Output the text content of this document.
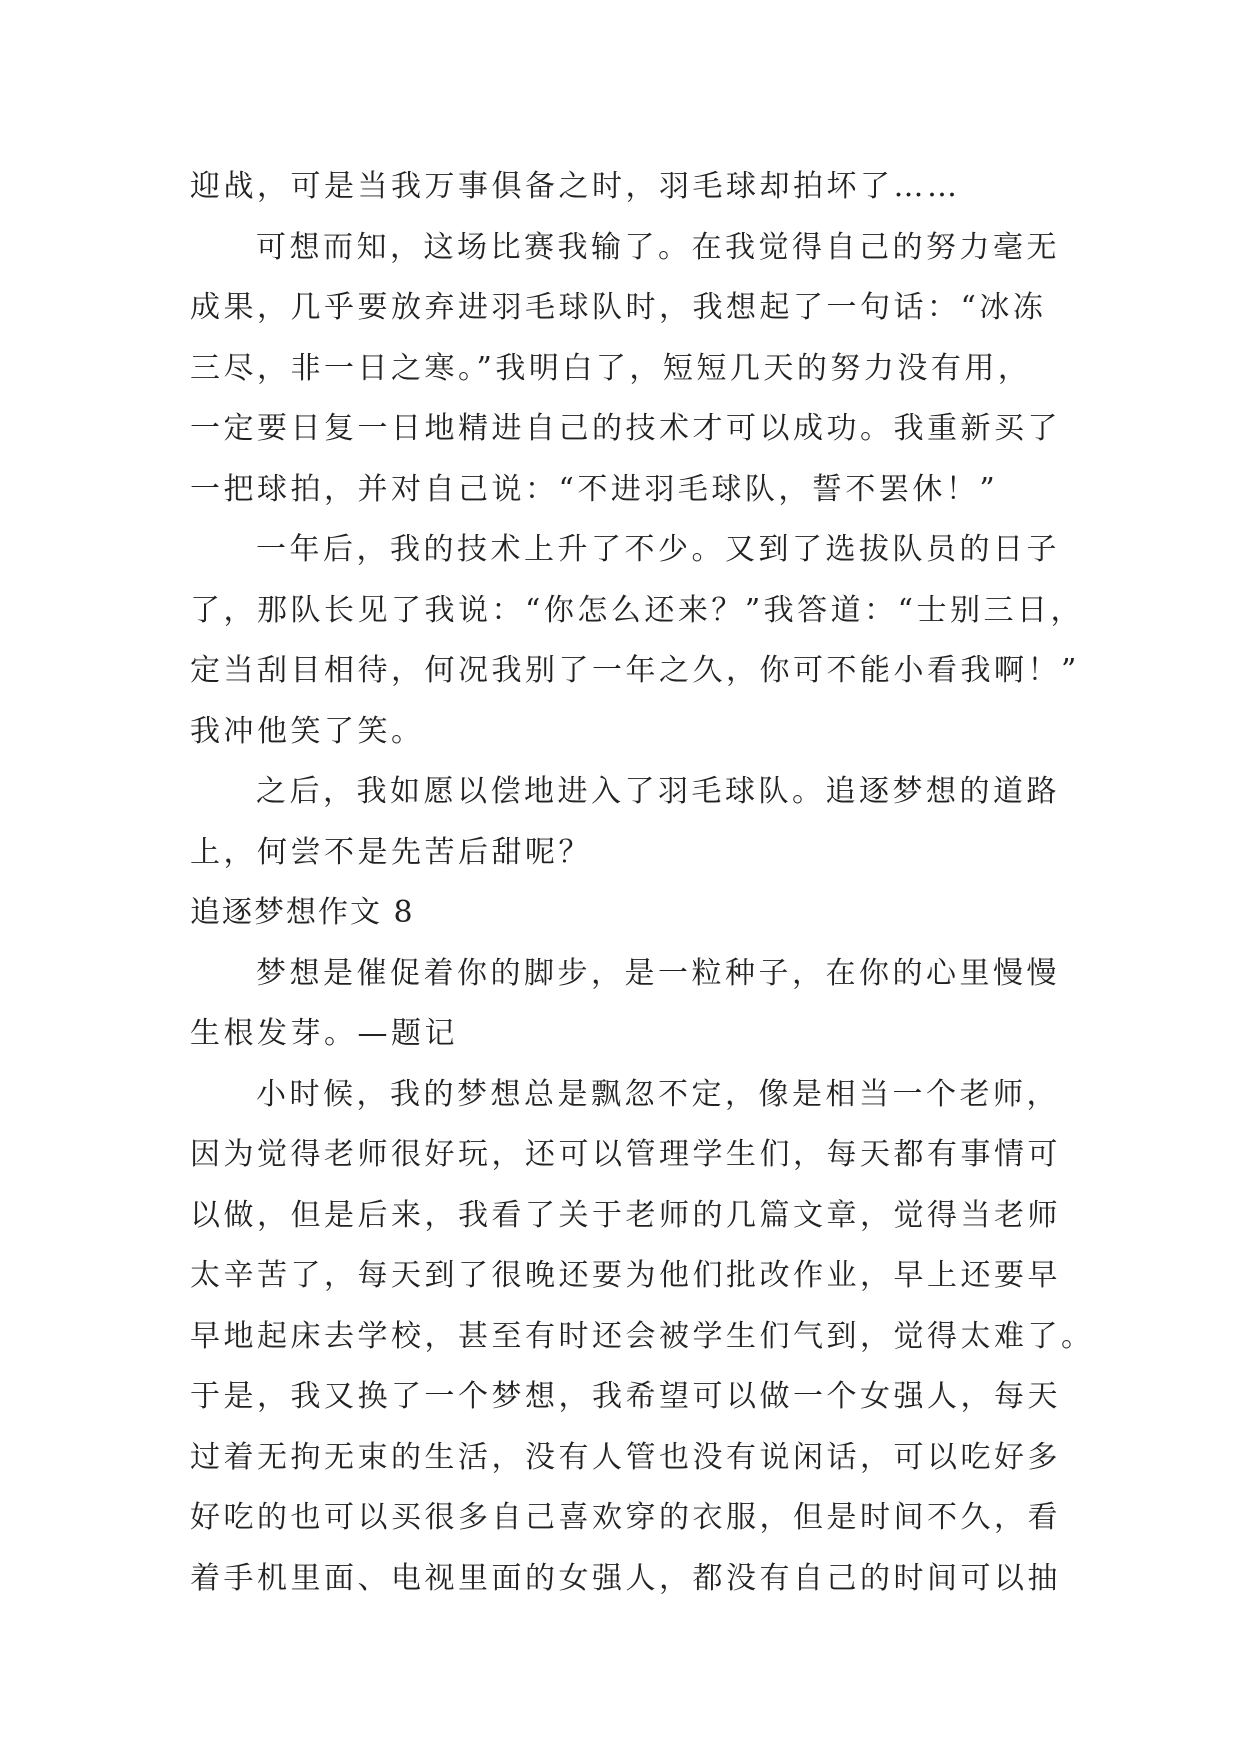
迎战，可是当我万事俱备之时，羽毛球却拍坏了……
可想而知，这场比赛我输了。在我觉得自己的努力毫无
成果，几乎要放弃进羽毛球队时，我想起了一句话：“冰冻
三尽，非一日之寒。”我明白了，短短几天的努力没有用，
一定要日复一日地精进自己的技术才可以成功。我重新买了
一把球拍，并对自己说：“不进羽毛球队，誓不罢休！”
一年后，我的技术上升了不少。又到了选拔队员的日子
了，那队长见了我说：“你怎么还来？”我答道：“士别三日，
定当刮目相待，何况我别了一年之久，你可不能小看我啊！”
我冲他笑了笑。
之后，我如愿以偿地进入了羽毛球队。追逐梦想的道路
上，何尝不是先苦后甜呢？
追逐梦想作文 8
梦想是催促着你的脚步，是一粒种子，在你的心里慢慢
生根发芽。—题记
小时候，我的梦想总是飘忽不定，像是相当一个老师，
因为觉得老师很好玩，还可以管理学生们，每天都有事情可
以做，但是后来，我看了关于老师的几篇文章，觉得当老师
太辛苦了，每天到了很晚还要为他们批改作业，早上还要早
早地起床去学校，甚至有时还会被学生们气到，觉得太难了。
于是，我又换了一个梦想，我希望可以做一个女强人，每天
过着无拘无束的生活，没有人管也没有说闲话，可以吃好多
好吃的也可以买很多自己喜欢穿的衣服，但是时间不久，看
着手机里面、电视里面的女强人，都没有自己的时间可以抽
